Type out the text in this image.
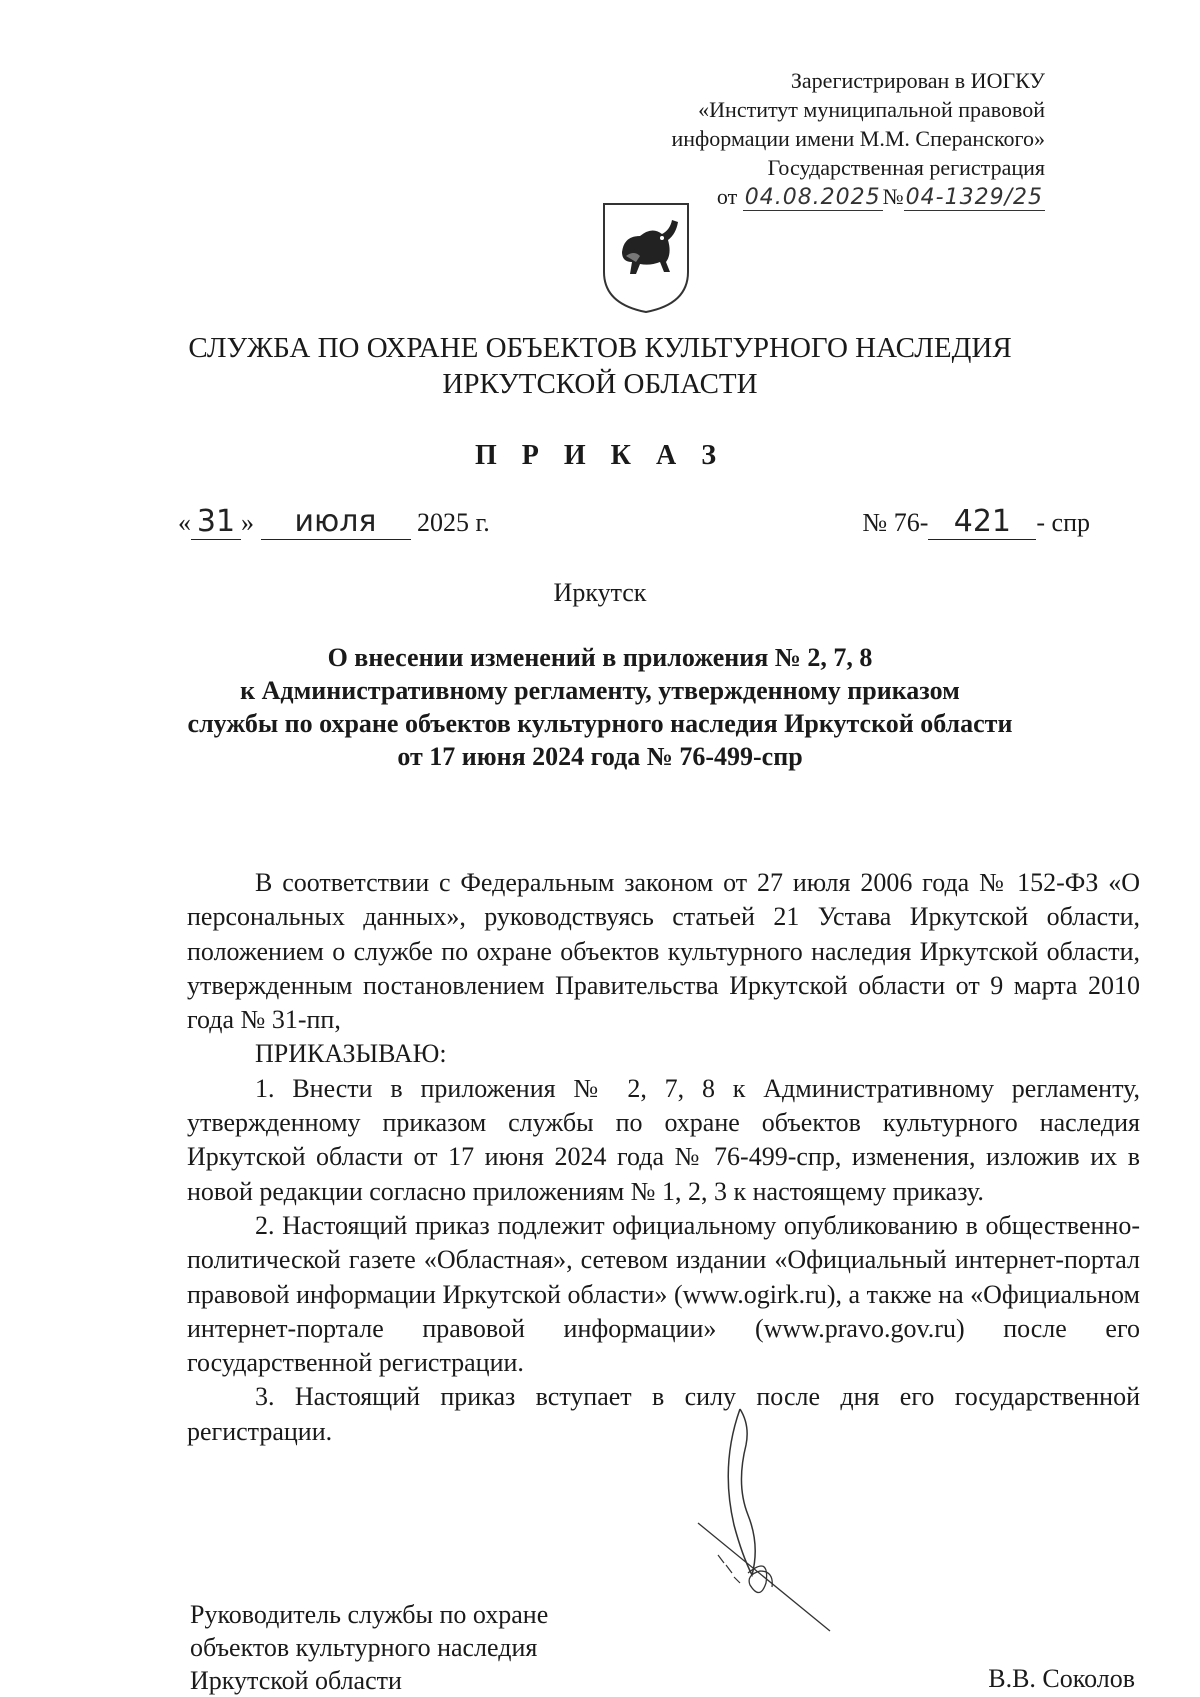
Зарегистрирован в ИОГКУ
«Институт муниципальной правовой
информации имени М.М. Сперанского»
Государственная регистрация
от 04.08.2025№04-1329/25
СЛУЖБА ПО ОХРАНЕ ОБЪЕКТОВ КУЛЬТУРНОГО НАСЛЕДИЯ
ИРКУТСКОЙ ОБЛАСТИ
П Р И К А З
« 31 » июля 2025 г.	№ 76- 421 - спр
Иркутск
О внесении изменений в приложения № 2, 7, 8
к Административному регламенту, утвержденному приказом
службы по охране объектов культурного наследия Иркутской области
от 17 июня 2024 года № 76-499-спр

В соответствии с Федеральным законом от 27 июля 2006 года № 152-ФЗ «О персональных данных», руководствуясь статьей 21 Устава Иркутской области, положением о службе по охране объектов культурного наследия Иркутской области, утвержденным постановлением Правительства Иркутской области от 9 марта 2010 года № 31-пп,

ПРИКАЗЫВАЮ:

1. Внести в приложения № 2, 7, 8 к Административному регламенту, утвержденному приказом службы по охране объектов культурного наследия Иркутской области от 17 июня 2024 года № 76-499-спр, изменения, изложив их в новой редакции согласно приложениям № 1, 2, 3 к настоящему приказу.

2. Настоящий приказ подлежит официальному опубликованию в общественно-политической газете «Областная», сетевом издании «Официальный интернет-портал правовой информации Иркутской области» (www.ogirk.ru), а также на «Официальном интернет-портале правовой информации» (www.pravo.gov.ru) после его государственной регистрации.

3. Настоящий приказ вступает в силу после дня его государственной регистрации.

Руководитель службы по охране
объектов культурного наследия
Иркутской области	В.В. Соколов
